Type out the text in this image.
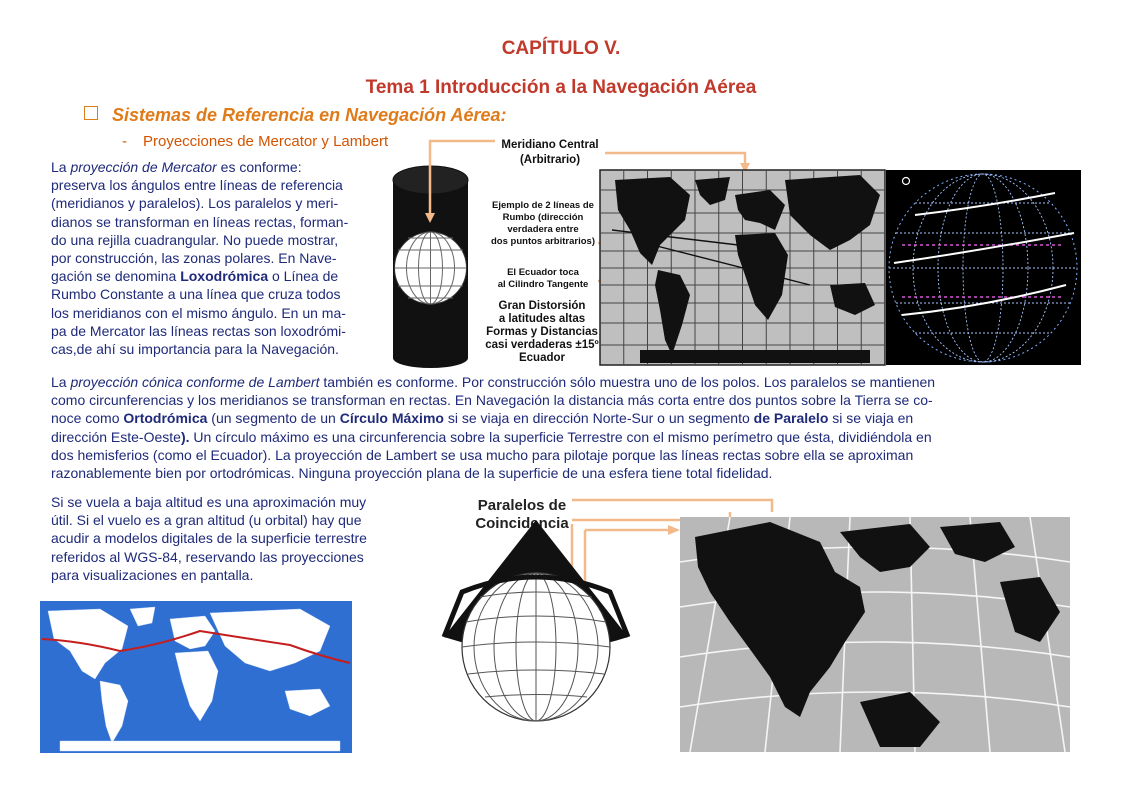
CAPÍTULO V.
Tema 1 Introducción a la Navegación Aérea
Sistemas de Referencia en Navegación Aérea:
- Proyecciones de Mercator y Lambert
La proyección de Mercator es conforme:
preserva los ángulos entre líneas de referencia
(meridianos y paralelos). Los paralelos y meri-
dianos se transforman en líneas rectas, forman-
do una rejilla cuadrangular. No puede mostrar,
por construcción, las zonas polares. En Nave-
gación se denomina Loxodrómica o Línea de
Rumbo Constante a una línea que cruza todos
los meridianos con el mismo ángulo. En un ma-
pa de Mercator las líneas rectas son loxodrómi-
cas,de ahí su importancia para la Navegación.
Meridiano Central
(Arbitrario)
Ejemplo de 2 líneas de
Rumbo (dirección
verdadera entre
dos puntos arbitrarios)
El Ecuador toca
al Cilindro Tangente
Gran Distorsión
a latitudes altas
Formas y Distancias
casi verdaderas ±15º
Ecuador
La proyección cónica conforme de Lambert también es conforme. Por construcción sólo muestra uno de los polos. Los paralelos se mantienen
como circunferencias y los meridianos se transforman en rectas. En Navegación la distancia más corta entre dos puntos sobre la Tierra se co-
noce como Ortodrómica (un segmento de un Círculo Máximo si se viaja en dirección Norte-Sur o un segmento de Paralelo si se viaja en
dirección Este-Oeste). Un círculo máximo es una circunferencia sobre la superficie Terrestre con el mismo perímetro que ésta, dividiéndola en
dos hemisferios (como el Ecuador). La proyección de Lambert se usa mucho para pilotaje porque las líneas rectas sobre ella se aproximan
razonablemente bien por ortodrómicas. Ninguna proyección plana de la superficie de una esfera tiene total fidelidad.
Si se vuela a baja altitud es una aproximación muy
útil. Si el vuelo es a gran altitud (u orbital) hay que
acudir a modelos digitales de la superficie terrestre
referidos al WGS-84, reservando las proyecciones
para visualizaciones en pantalla.
Paralelos de
Coincidencia
